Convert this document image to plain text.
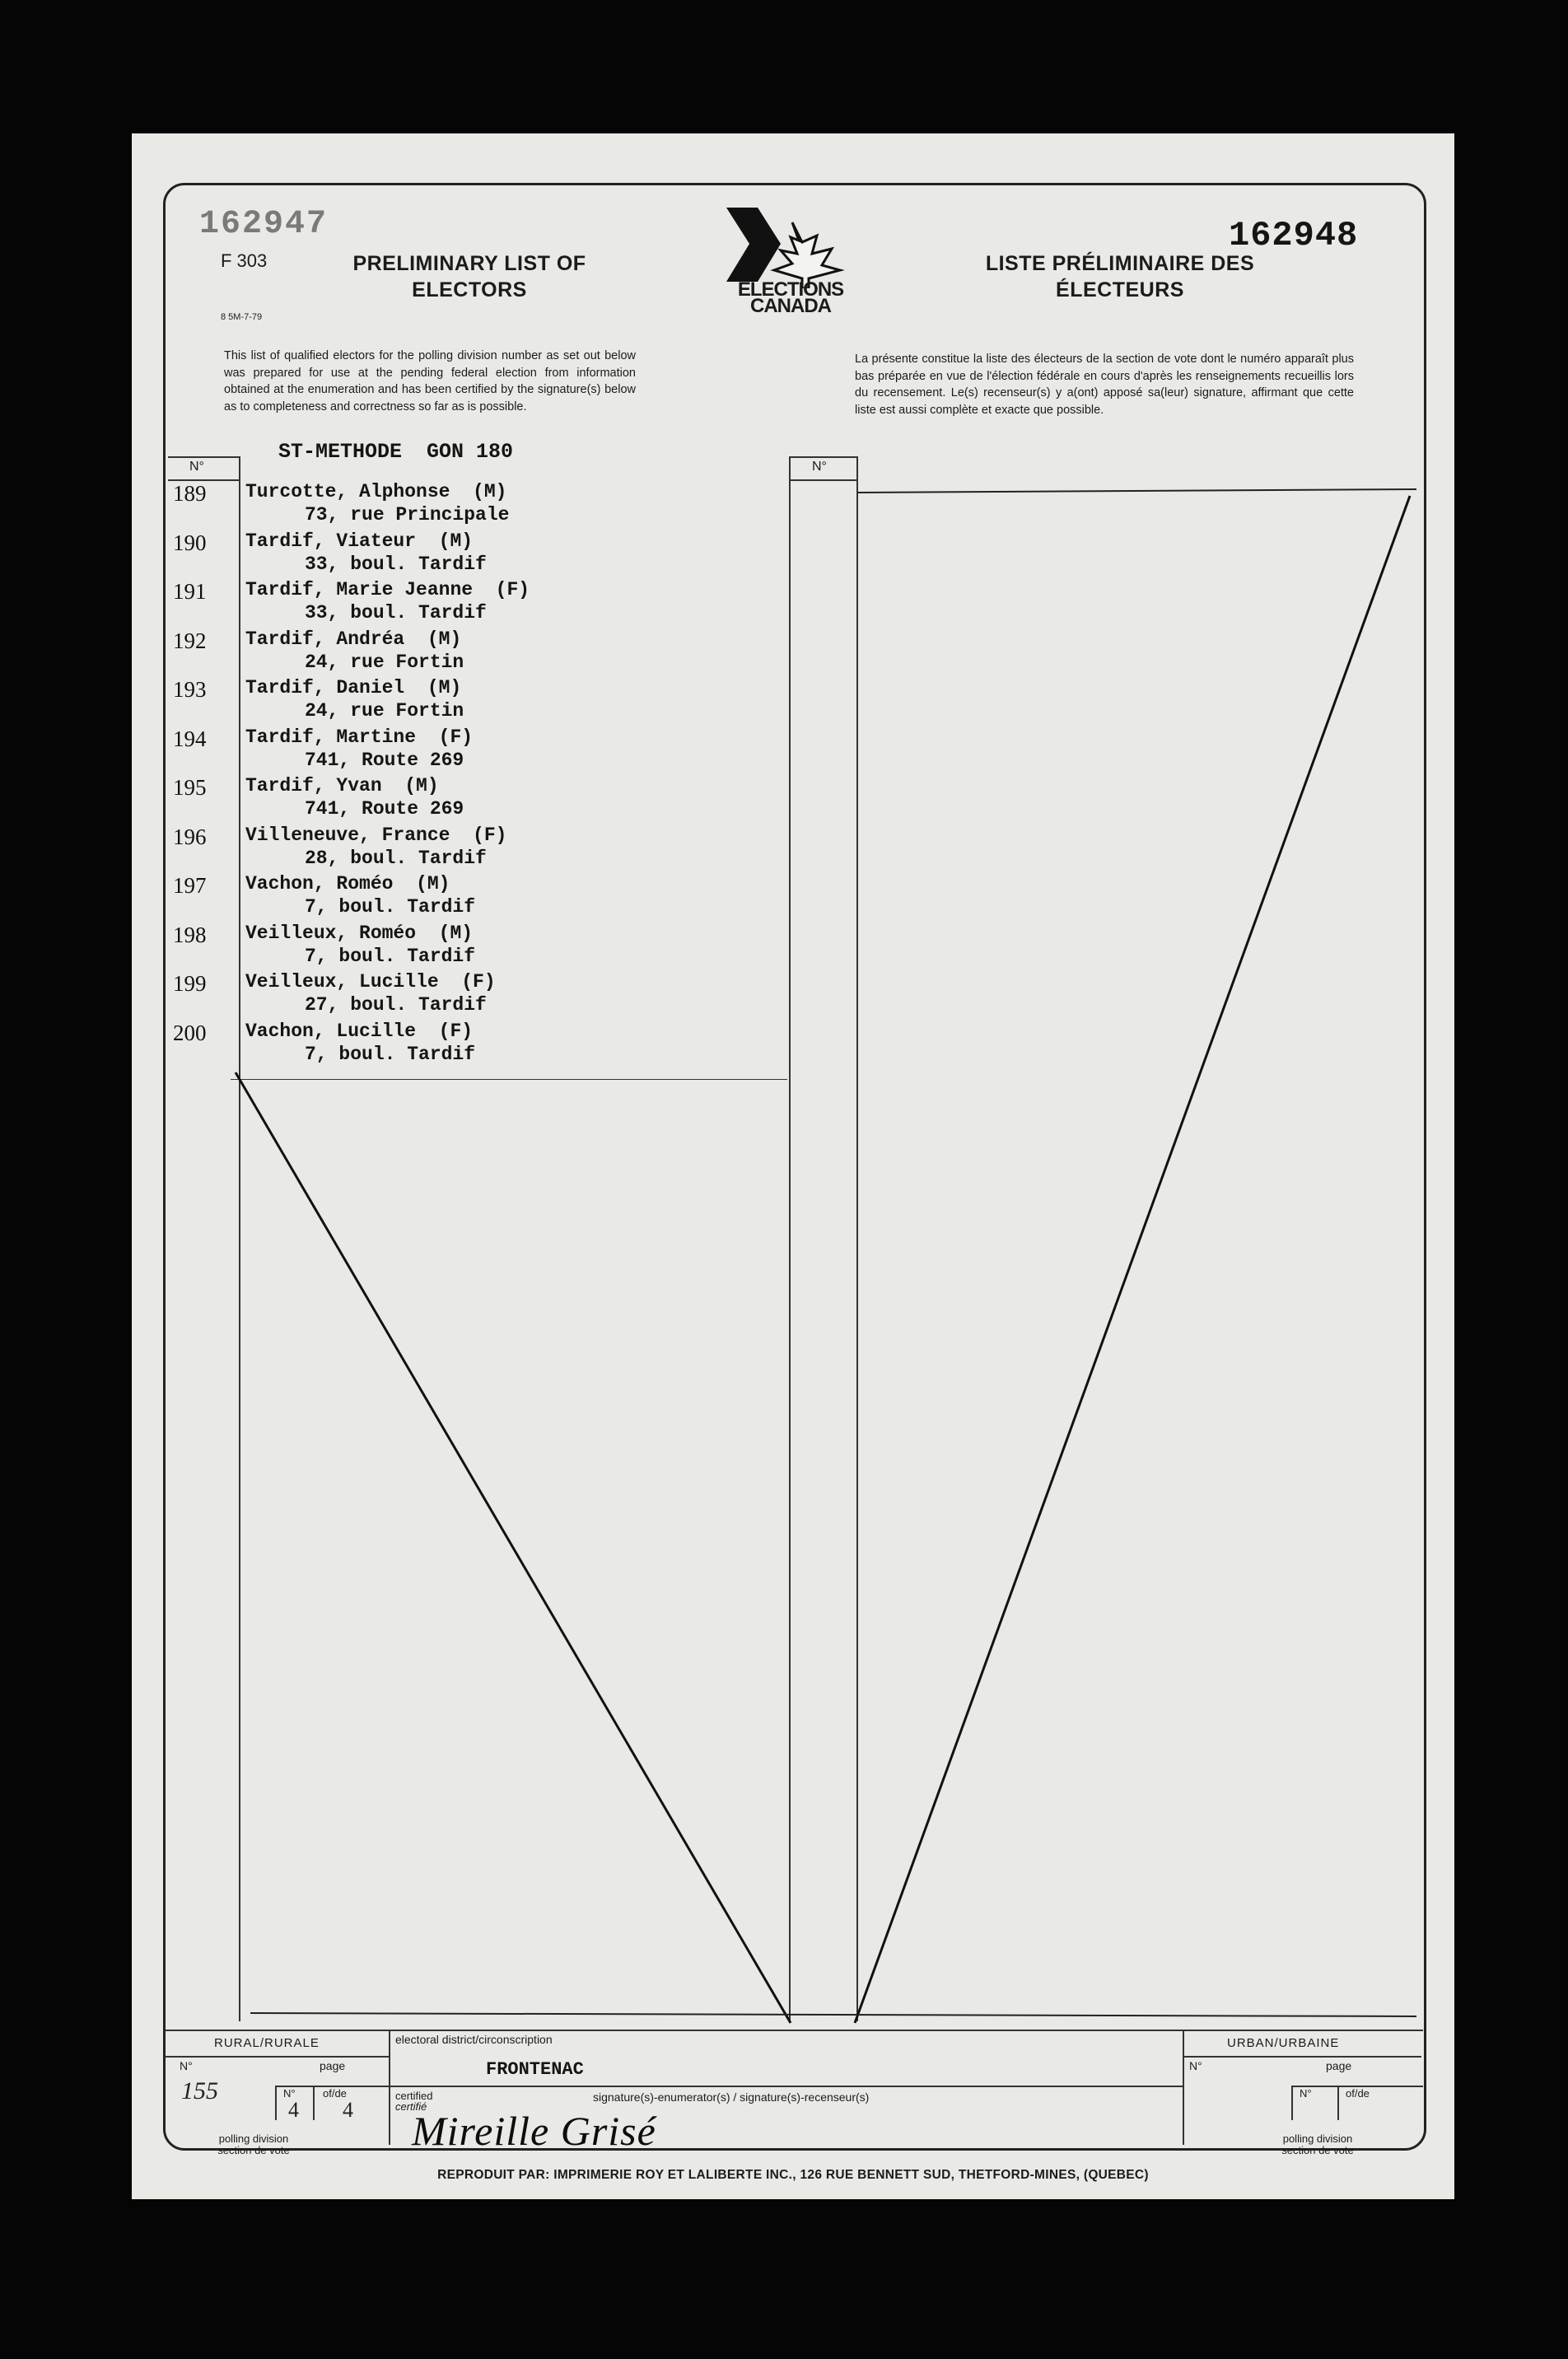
162947
F 303	PRELIMINARY LIST OF
ELECTORS
8 5M-7-79
ELECTIONS
CANADA
162948
LISTE PRÉLIMINAIRE DES
ÉLECTEURS
This list of qualified electors for the polling division number as set out below was prepared for use at the pending federal election from information obtained at the enumeration and has been certified by the signature(s) below as to completeness and correctness so far as is possible.
La présente constitue la liste des électeurs de la section de vote dont le numéro apparaît plus bas préparée en vue de l'élection fédérale en cours d'après les renseignements recueillis lors du recensement. Le(s) recenseur(s) y a(ont) apposé sa(leur) signature, affirmant que cette liste est aussi complète et exacte que possible.
N°	N°
ST-METHODE  GON 180
189 Turcotte, Alphonse  (M)
73, rue Principale
190 Tardif, Viateur  (M)
33, boul. Tardif
191 Tardif, Marie Jeanne  (F)
33, boul. Tardif
192 Tardif, Andréa  (M)
24, rue Fortin
193 Tardif, Daniel  (M)
24, rue Fortin
194 Tardif, Martine  (F)
741, Route 269
195 Tardif, Yvan  (M)
741, Route 269
196 Villeneuve, France  (F)
28, boul. Tardif
197 Vachon, Roméo  (M)
7, boul. Tardif
198 Veilleux, Roméo  (M)
7, boul. Tardif
199 Veilleux, Lucille  (F)
27, boul. Tardif
200 Vachon, Lucille  (F)
7, boul. Tardif
RURAL/RURALE
N°	page
155	N°	of/de
4 4
polling division
section de vote
electoral district/circonscription
FRONTENAC
certified
certifié
signature(s)-enumerator(s) / signature(s)-recenseur(s)
Mireille Grisé
URBAN/URBAINE
N°	page
N°	of/de
polling division
section de vote
REPRODUIT PAR: IMPRIMERIE ROY ET LALIBERTE INC., 126 RUE BENNETT SUD, THETFORD-MINES, (QUEBEC)
